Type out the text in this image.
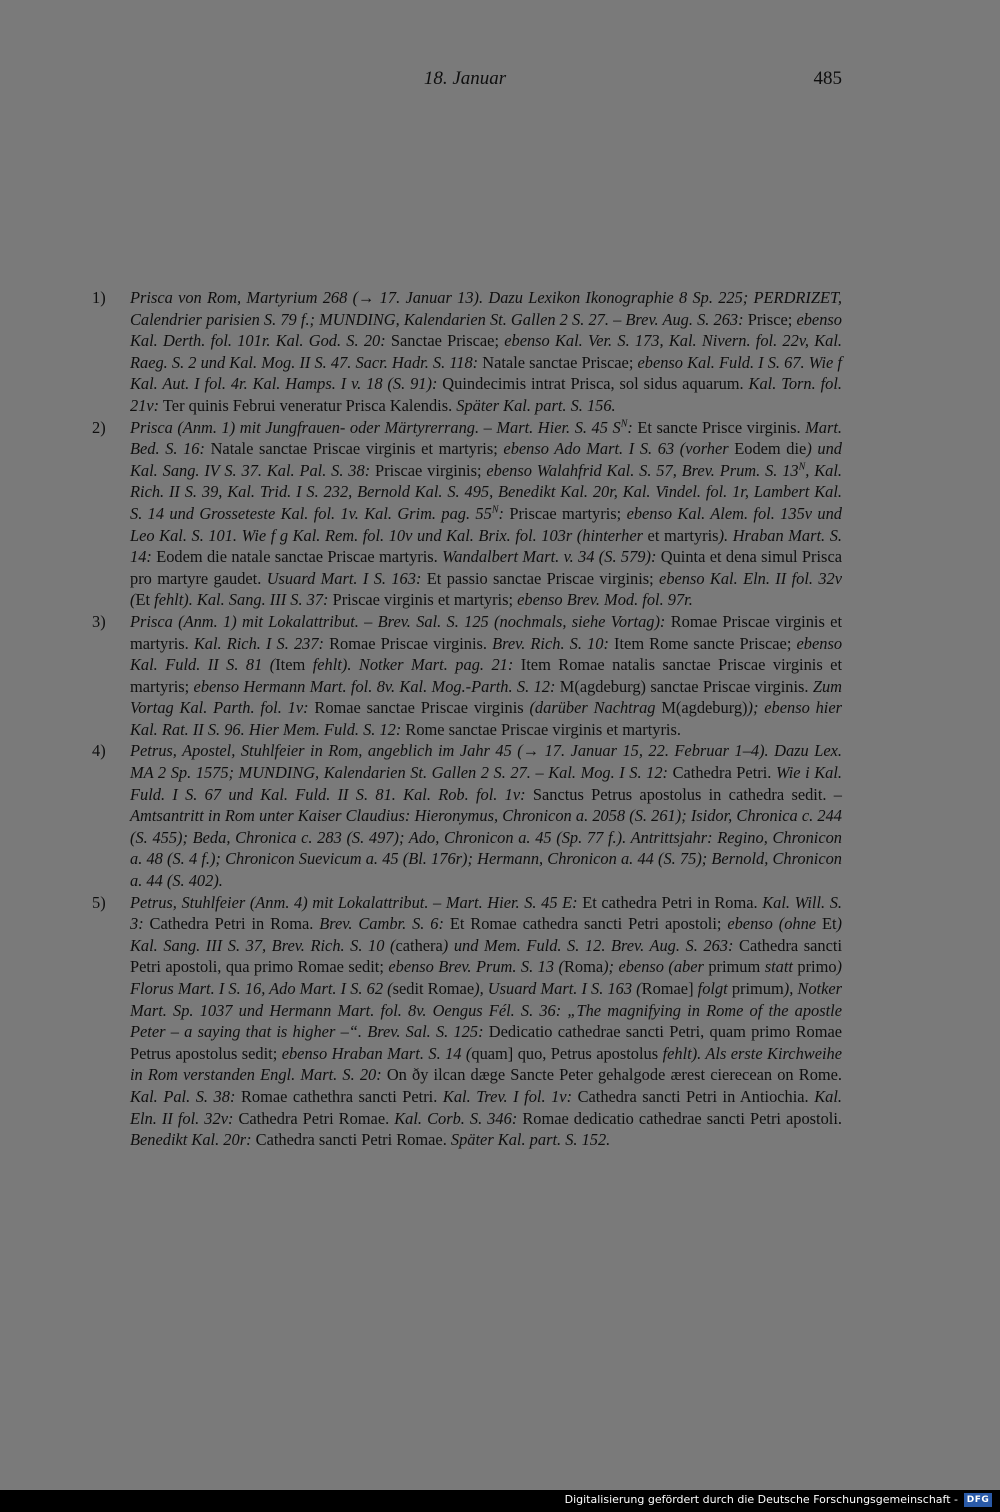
18. Januar	485
1) Prisca von Rom, Martyrium 268 (→ 17. Januar 13). Dazu Lexikon Ikonographie 8 Sp. 225; PERDRIZET, Calendrier parisien S. 79 f.; MUNDING, Kalendarien St. Gallen 2 S. 27. – Brev. Aug. S. 263: Prisce; ebenso Kal. Derth. fol. 101r. Kal. God. S. 20: Sanctae Priscae; ebenso Kal. Ver. S. 173, Kal. Nivern. fol. 22v, Kal. Raeg. S. 2 und Kal. Mog. II S. 47. Sacr. Hadr. S. 118: Natale sanctae Priscae; ebenso Kal. Fuld. I S. 67. Wie f Kal. Aut. I fol. 4r. Kal. Hamps. I v. 18 (S. 91): Quindecimis intrat Prisca, sol sidus aquarum. Kal. Torn. fol. 21v: Ter quinis Februi veneratur Prisca Kalendis. Später Kal. part. S. 156.
2) Prisca (Anm. 1) mit Jungfrauen- oder Märtyrerrang. – Mart. Hier. S. 45 $S^N$: Et sancte Prisce virginis. Mart. Bed. S. 16: Natale sanctae Priscae virginis et martyris; ebenso Ado Mart. I S. 63 (vorher Eodem die) und Kal. Sang. IV S. 37. Kal. Pal. S. 38: Priscae virginis; ebenso Walahfrid Kal. S. 57, Brev. Prum. S. $13^N$, Kal. Rich. II S. 39, Kal. Trid. I S. 232, Bernold Kal. S. 495, Benedikt Kal. 20r, Kal. Vindel. fol. 1r, Lambert Kal. S. 14 und Grosseteste Kal. fol. 1v. Kal. Grim. pag. $55^N$: Priscae martyris; ebenso Kal. Alem. fol. 135v und Leo Kal. S. 101. Wie f g Kal. Rem. fol. 10v und Kal. Brix. fol. 103r (hinterher et martyris). Hraban Mart. S. 14: Eodem die natale sanctae Priscae martyris. Wandalbert Mart. v. 34 (S. 579): Quinta et dena simul Prisca pro martyre gaudet. Usuard Mart. I S. 163: Et passio sanctae Priscae virginis; ebenso Kal. Eln. II fol. 32v (Et fehlt). Kal. Sang. III S. 37: Priscae virginis et martyris; ebenso Brev. Mod. fol. 97r.
3) Prisca (Anm. 1) mit Lokalattribut. – Brev. Sal. S. 125 (nochmals, siehe Vortag): Romae Priscae virginis et martyris. Kal. Rich. I S. 237: Romae Priscae virginis. Brev. Rich. S. 10: Item Rome sancte Priscae; ebenso Kal. Fuld. II S. 81 (Item fehlt). Notker Mart. pag. 21: Item Romae natalis sanctae Priscae virginis et martyris; ebenso Hermann Mart. fol. 8v. Kal. Mog.-Parth. S. 12: M(agdeburg) sanctae Priscae virginis. Zum Vortag Kal. Parth. fol. 1v: Romae sanctae Priscae virginis (darüber Nachtrag M(agdeburg)); ebenso hier Kal. Rat. II S. 96. Hier Mem. Fuld. S. 12: Rome sanctae Priscae virginis et martyris.
4) Petrus, Apostel, Stuhlfeier in Rom, angeblich im Jahr 45 (→ 17. Januar 15, 22. Februar 1–4). Dazu Lex. MA 2 Sp. 1575; MUNDING, Kalendarien St. Gallen 2 S. 27. – Kal. Mog. I S. 12: Cathedra Petri. Wie i Kal. Fuld. I S. 67 und Kal. Fuld. II S. 81. Kal. Rob. fol. 1v: Sanctus Petrus apostolus in cathedra sedit. – Amtsantritt in Rom unter Kaiser Claudius: Hieronymus, Chronicon a. 2058 (S. 261); Isidor, Chronica c. 244 (S. 455); Beda, Chronica c. 283 (S. 497); Ado, Chronicon a. 45 (Sp. 77 f.). Antrittsjahr: Regino, Chronicon a. 48 (S. 4 f.); Chronicon Suevicum a. 45 (Bl. 176r); Hermann, Chronicon a. 44 (S. 75); Bernold, Chronicon a. 44 (S. 402).
5) Petrus, Stuhlfeier (Anm. 4) mit Lokalattribut. – Mart. Hier. S. 45 E: Et cathedra Petri in Roma. Kal. Will. S. 3: Cathedra Petri in Roma. Brev. Cambr. S. 6: Et Romae cathedra sancti Petri apostoli; ebenso (ohne Et) Kal. Sang. III S. 37, Brev. Rich. S. 10 (cathera) und Mem. Fuld. S. 12. Brev. Aug. S. 263: Cathedra sancti Petri apostoli, qua primo Romae sedit; ebenso Brev. Prum. S. 13 (Roma); ebenso (aber primum statt primo) Florus Mart. I S. 16, Ado Mart. I S. 62 (sedit Romae), Usuard Mart. I S. 163 (Romae] folgt primum), Notker Mart. Sp. 1037 und Hermann Mart. fol. 8v. Oengus Fél. S. 36: „The magnifying in Rome of the apostle Peter – a saying that is higher –“. Brev. Sal. S. 125: Dedicatio cathedrae sancti Petri, quam primo Romae Petrus apostolus sedit; ebenso Hraban Mart. S. 14 (quam] quo, Petrus apostolus fehlt). Als erste Kirchweihe in Rom verstanden Engl. Mart. S. 20: On ðy ilcan dæge Sancte Peter gehalgode ærest cierecean on Rome. Kal. Pal. S. 38: Romae cathethra sancti Petri. Kal. Trev. I fol. 1v: Cathedra sancti Petri in Antiochia. Kal. Eln. II fol. 32v: Cathedra Petri Romae. Kal. Corb. S. 346: Romae dedicatio cathedrae sancti Petri apostoli. Benedikt Kal. 20r: Cathedra sancti Petri Romae. Später Kal. part. S. 152.
Digitalisierung gefördert durch die Deutsche Forschungsgemeinschaft - DFG
